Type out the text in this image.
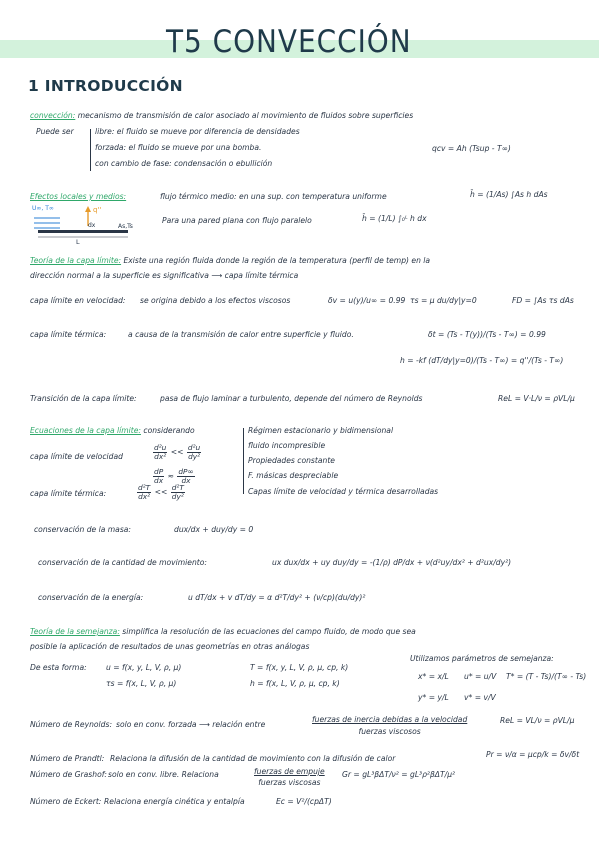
T5 CONVECCIÓN
1 INTRODUCCIÓN
convección: mecanismo de transmisión de calor asociado al movimiento de fluidos sobre superficies
Puede ser	libre: el fluido se mueve por diferencia de densidades
forzada: el fluido se mueve por una bomba.
con cambio de fase: condensación o ebullición
qcv = Ah (Tsup - T∞)
Efectos locales y medios:	flujo térmico medio: en una sup. con temperatura uniforme	h̄ = (1/As) ∫As h dAs
Para una pared plana con flujo paralelo	h̄ = (1/L) ∫₀ᴸ h dx
U∞, T∞	q''
dx	As,Ts
L
Teoría de la capa límite: Existe una región fluida donde la región de la temperatura (perfil de temp) en la
dirección normal a la superficie es significativa ⟶ capa límite térmica
capa límite en velocidad: se origina debido a los efectos viscosos	δv = u(y)/u∞ = 0.99 τs = μ du/dy|y=0	FD = ∫As τs dAs
capa límite térmica:	a causa de la transmisión de calor entre superficie y fluido.	δt = (Ts - T(y))/(Ts - T∞) = 0.99
h = -kf (dT/dy|y=0)/(Ts - T∞) = q''/(Ts - T∞)
Transición de la capa límite:	pasa de flujo laminar a turbulento, depende del número de Reynolds	ReL = V·L/ν = ρVL/μ
Ecuaciones de la capa límite: considerando	Régimen estacionario y bidimensional
fluido incompresible
Propiedades constante
F. másicas despreciable
Capas límite de velocidad y térmica desarrolladas
capa límite de velocidad	$\frac{\text{d²u}}{\text{dx²}} << \frac{\text{d²u}}{\text{dy²}}$
$\frac{dP}{dx} \approx \frac{dP\infty}{dx}$
capa límite térmica:	$\frac{\text{d²T}}{\text{dx²}} << \frac{\text{d²T}}{\text{dy²}}$
conservación de la masa:	dux/dx + duy/dy = 0
conservación de la cantidad de movimiento:	ux dux/dx + uy duy/dy = -(1/ρ) dP/dx + ν(d²uy/dx² + d²ux/dy²)
conservación de la energía:	u dT/dx + v dT/dy = α d²T/dy² + (ν/cp)(du/dy)²
Teoría de la semejanza: simplifica la resolución de las ecuaciones del campo fluido, de modo que sea
posible la aplicación de resultados de unas geometrías en otras análogas
De esta forma:	u = f(x, y, L, V, ρ, μ)
τs = f(x, L, V, ρ, μ)
T = f(x, y, L, V, ρ, μ, cp, k)
h = f(x, L, V, ρ, μ, cp, k)
Utilizamos parámetros de semejanza:
x* = x/L u* = u/V T* = (T - Ts)/(T∞ - Ts)
y* = y/L v* = v/V
Número de Reynolds: solo en conv. forzada ⟶ relación entre
fuerzas de inercia debidas a la velocidad
fuerzas viscosos
ReL = VL/ν = ρVL/μ
Número de Prandtl: Relaciona la difusión de la cantidad de movimiento con la difusión de calor	Pr = ν/α = μcp/k = δv/δt
Número de Grashof: solo en conv. libre. Relaciona	fuerzas de empuje
fuerzas viscosas
Gr = gL³βΔT/ν² = gL³ρ²βΔT/μ²
Número de Eckert: Relaciona energía cinética y entalpía	Ec = V²/(cpΔT)
